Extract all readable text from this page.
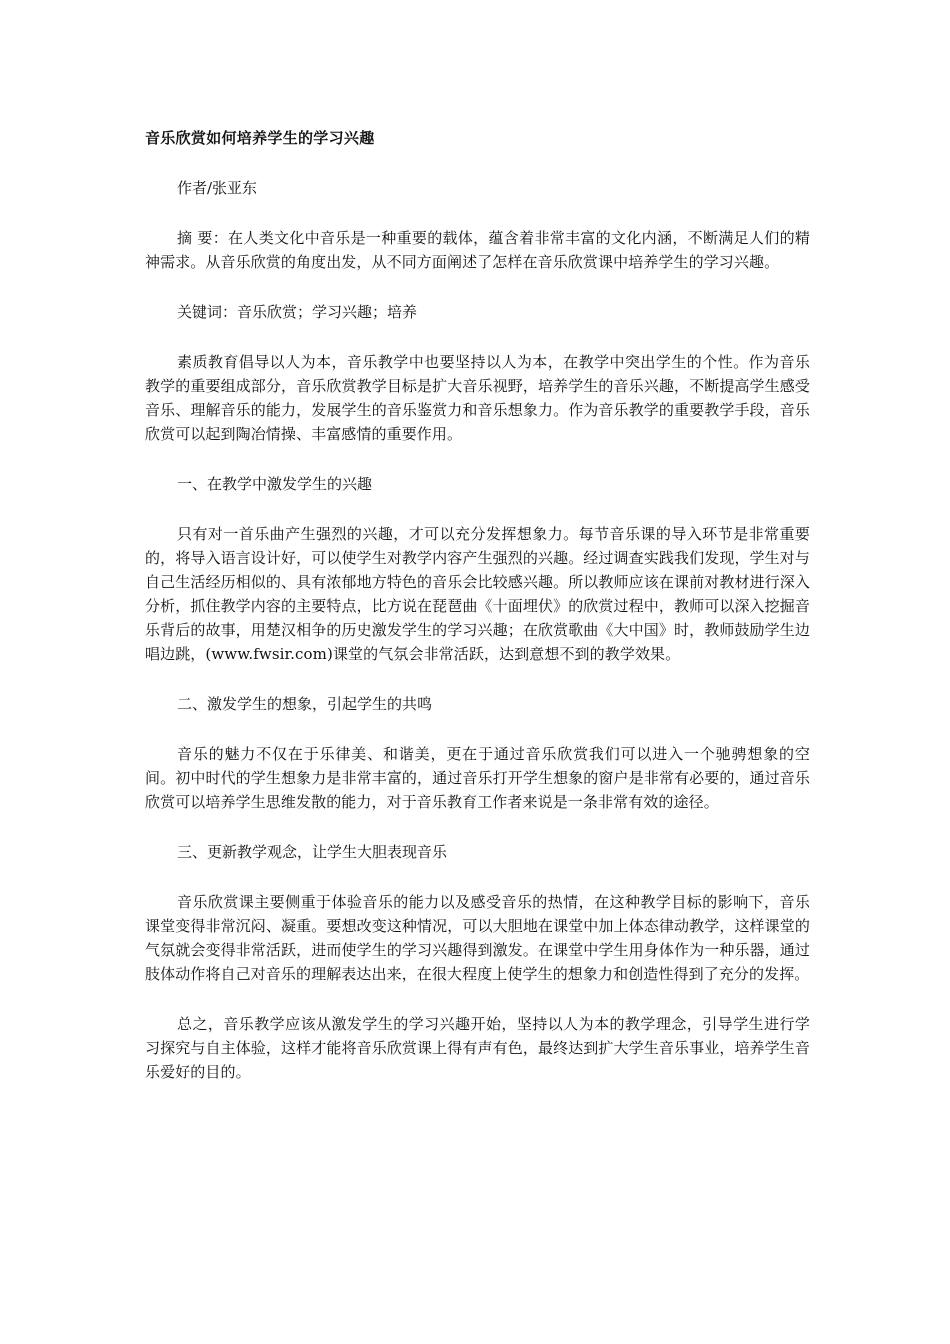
音乐欣赏如何培养学生的学习兴趣

作者/张亚东

摘 要：在人类文化中音乐是一种重要的载体，蕴含着非常丰富的文化内涵，不断满足人们的精神需求。从音乐欣赏的角度出发，从不同方面阐述了怎样在音乐欣赏课中培养学生的学习兴趣。

关键词：音乐欣赏；学习兴趣；培养

素质教育倡导以人为本，音乐教学中也要坚持以人为本，在教学中突出学生的个性。作为音乐教学的重要组成部分，音乐欣赏教学目标是扩大音乐视野，培养学生的音乐兴趣，不断提高学生感受音乐、理解音乐的能力，发展学生的音乐鉴赏力和音乐想象力。作为音乐教学的重要教学手段，音乐欣赏可以起到陶冶情操、丰富感情的重要作用。

一、在教学中激发学生的兴趣

只有对一首乐曲产生强烈的兴趣，才可以充分发挥想象力。每节音乐课的导入环节是非常重要的，将导入语言设计好，可以使学生对教学内容产生强烈的兴趣。经过调查实践我们发现，学生对与自己生活经历相似的、具有浓郁地方特色的音乐会比较感兴趣。所以教师应该在课前对教材进行深入分析，抓住教学内容的主要特点，比方说在琵琶曲《十面埋伏》的欣赏过程中，教师可以深入挖掘音乐背后的故事，用楚汉相争的历史激发学生的学习兴趣；在欣赏歌曲《大中国》时，教师鼓励学生边唱边跳，(www.fwsir.com)课堂的气氛会非常活跃，达到意想不到的教学效果。

二、激发学生的想象，引起学生的共鸣

音乐的魅力不仅在于乐律美、和谐美，更在于通过音乐欣赏我们可以进入一个驰骋想象的空间。初中时代的学生想象力是非常丰富的，通过音乐打开学生想象的窗户是非常有必要的，通过音乐欣赏可以培养学生思维发散的能力，对于音乐教育工作者来说是一条非常有效的途径。

三、更新教学观念，让学生大胆表现音乐

音乐欣赏课主要侧重于体验音乐的能力以及感受音乐的热情，在这种教学目标的影响下，音乐课堂变得非常沉闷、凝重。要想改变这种情况，可以大胆地在课堂中加上体态律动教学，这样课堂的气氛就会变得非常活跃，进而使学生的学习兴趣得到激发。在课堂中学生用身体作为一种乐器，通过肢体动作将自己对音乐的理解表达出来，在很大程度上使学生的想象力和创造性得到了充分的发挥。

总之，音乐教学应该从激发学生的学习兴趣开始，坚持以人为本的教学理念，引导学生进行学习探究与自主体验，这样才能将音乐欣赏课上得有声有色，最终达到扩大学生音乐事业，培养学生音乐爱好的目的。
